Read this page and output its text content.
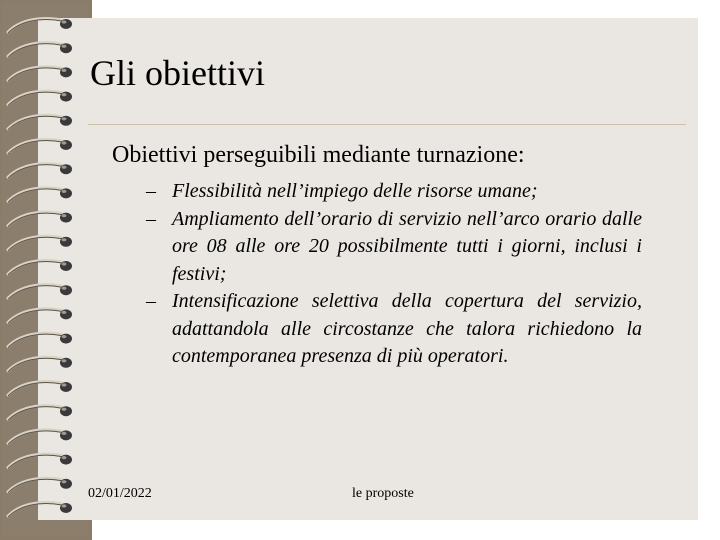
Gli obiettivi
Obiettivi perseguibili mediante turnazione:
– Flessibilità nell’impiego delle risorse umane;
– Ampliamento dell’orario di servizio nell’arco orario dalle ore 08 alle ore 20 possibilmente tutti i giorni, inclusi i festivi;
– Intensificazione selettiva della copertura del servizio, adattandola alle circostanze che talora richiedono la contemporanea presenza di più operatori.
02/01/2022	le proposte
